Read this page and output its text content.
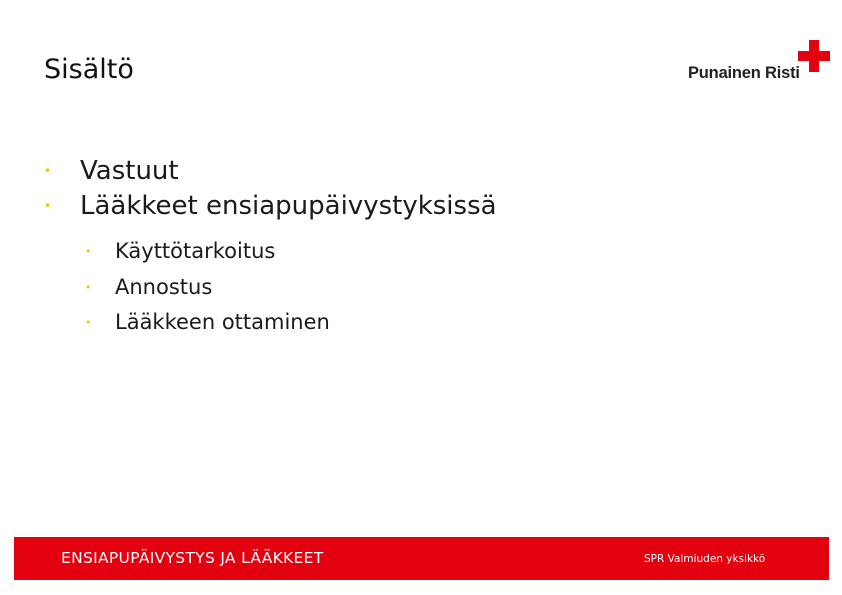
Sisältö	Punainen Risti
• Vastuut
• Lääkkeet ensiapupäivystyksissä
• Käyttötarkoitus
• Annostus
• Lääkkeen ottaminen
ENSIAPUPÄIVYSTYS JA LÄÄKKEET	SPR Valmiuden yksikkö
